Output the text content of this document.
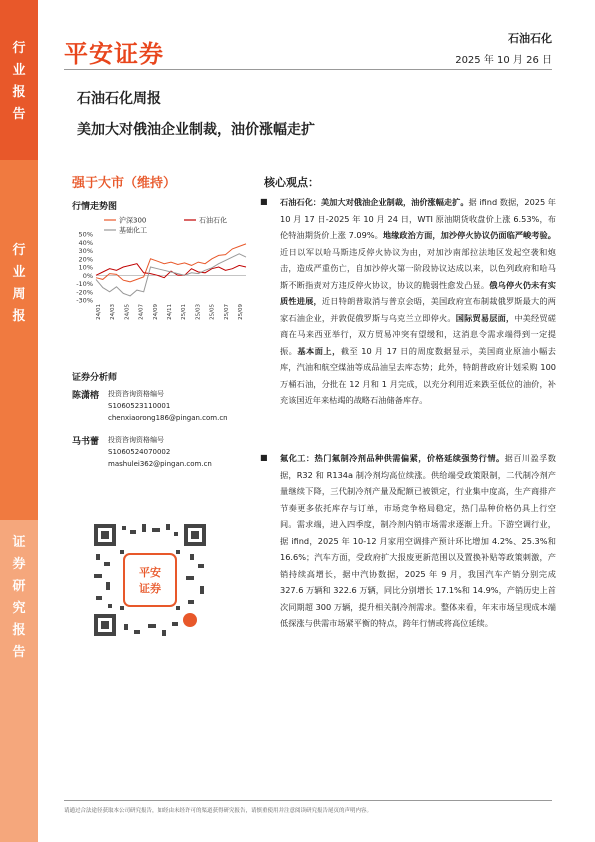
行
业
报
告
行
业
周
报
证
券
研
究
报
告
平安证券
石油石化
2025 年 10 月 26 日
石油石化周报
美加大对俄油企业制裁，油价涨幅走扩
强于大市（维持）
行情走势图
50%
40%
30%
20%
10%
0%
-10%
-20%
-30%
24/01 24/03 24/05 24/07 24/09 24/11 25/01 25/03 25/05 25/07 25/09
沪深300	石油石化
基础化工
证券分析师
陈潇榕	投资咨询资格编号
S1060523110001
chenxiaorong186@pingan.com.cn
马书蕾	投资咨询资格编号
S1060524070002
mashulei362@pingan.com.cn
平安
证券
核心观点：
■	石油石化：美加大对俄油企业制裁，油价涨幅走扩。据 ifind 数据，2025 年 10 月 17 日-2025 年 10 月 24 日，WTI 原油期货收盘价上涨 6.53%，布伦特油期货价上涨 7.09%。地缘政治方面，加沙停火协议仍面临严峻考验。近日以军以哈马斯违反停火协议为由，对加沙南部拉法地区发起空袭和炮击，造成严重伤亡，自加沙停火第一阶段协议达成以来，以色列政府和哈马斯不断指责对方违反停火协议，协议的脆弱性愈发凸显。俄乌停火仍未有实质性进展，近日特朗普取消与普京会晤，美国政府宣布制裁俄罗斯最大的两家石油企业，并敦促俄罗斯与乌克兰立即停火。国际贸易层面，中美经贸磋商在马来西亚举行，双方贸易冲突有望缓和，这消息令需求端得到一定提振。基本面上，截至 10 月 17 日的周度数据显示，美国商业原油小幅去库，汽油和航空煤油等成品油呈去库态势；此外，特朗普政府计划采购 100 万桶石油，分批在 12 月和 1 月完成，以充分利用近来跌至低位的油价，补充该国近年来枯竭的战略石油储备库存。
■	氟化工：热门氟制冷剂品种供需偏紧，价格延续强势行情。据百川盈孚数据，R32 和 R134a 制冷剂均高位续涨。供给端受政策限制，二代制冷剂产量继续下降，三代制冷剂产量及配额已被锁定，行业集中度高，生产商排产节奏更多依托库存与订单，市场竞争格局稳定，热门品种价格仍具上行空间。需求端，进入四季度，制冷剂内销市场需求逐渐上升。下游空调行业，据 ifind，2025 年 10-12 月家用空调排产预计环比增加 4.2%、25.3%和 16.6%；汽车方面，受政府扩大报废更新范围以及置换补贴等政策刺激，产销持续高增长，据中汽协数据，2025 年 9 月，我国汽车产销分别完成 327.6 万辆和 322.6 万辆，同比分别增长 17.1%和 14.9%，产销历史上首次同期超 300 万辆，提升相关制冷剂需求。整体来看，年末市场呈现成本端低探涨与供需市场紧平衡的特点，跨年行情或将高位延续。
请通过合法途径获取本公司研究报告，如经由未经许可的渠道获得研究报告，请慎重使用并注意阅读研究报告尾页的声明内容。
